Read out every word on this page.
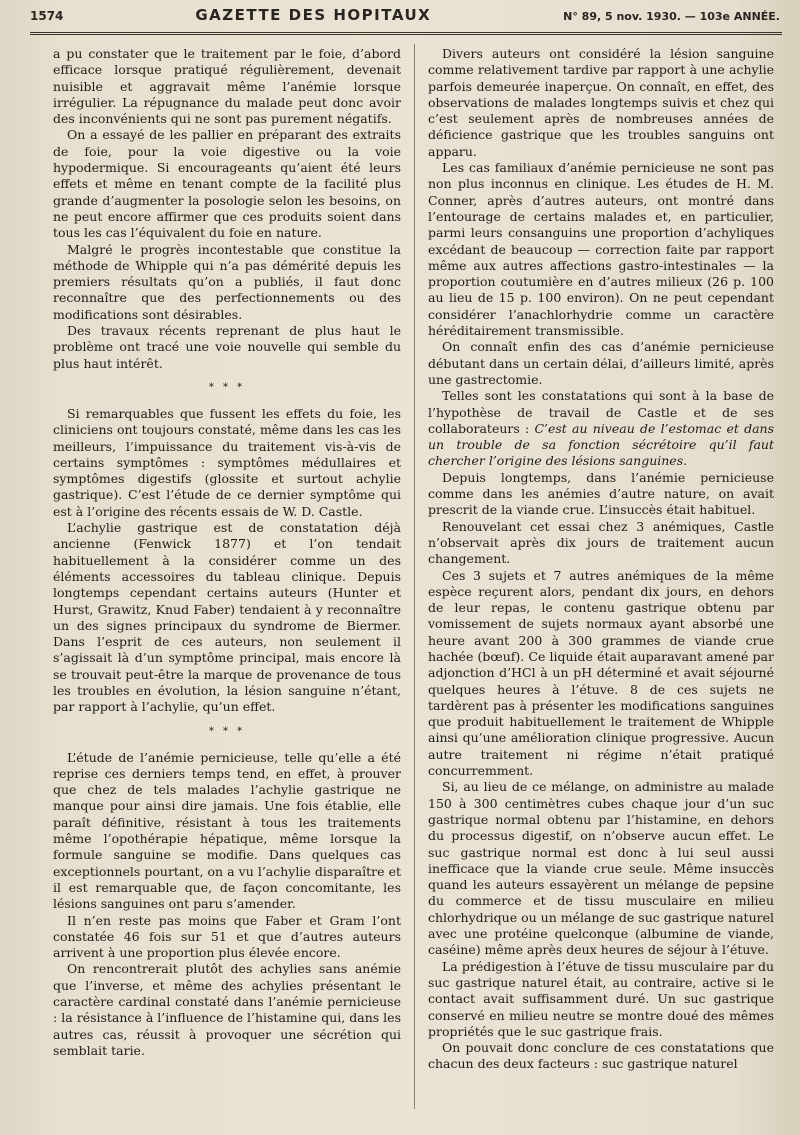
1574	GAZETTE DES HOPITAUX	N° 89, 5 nov. 1930. — 103e ANNÉE.

a pu constater que le traitement par le foie, d’abord efficace lorsque pratiqué régulièrement, devenait nuisible et aggravait même l’anémie lorsque irrégulier. La répugnance du malade peut donc avoir des inconvénients qui ne sont pas purement négatifs.

On a essayé de les pallier en préparant des extraits de foie, pour la voie digestive ou la voie hypodermique. Si encourageants qu’aient été leurs effets et même en tenant compte de la facilité plus grande d’augmenter la posologie selon les besoins, on ne peut encore affirmer que ces produits soient dans tous les cas l’équivalent du foie en nature.

Malgré le progrès incontestable que constitue la méthode de Whipple qui n’a pas démérité depuis les premiers résultats qu’on a publiés, il faut donc reconnaître que des perfectionnements ou des modifications sont désirables.

Des travaux récents reprenant de plus haut le problème ont tracé une voie nouvelle qui semble du plus haut intérêt.

* * *

Si remarquables que fussent les effets du foie, les cliniciens ont toujours constaté, même dans les cas les meilleurs, l’impuissance du traitement vis-à-vis de certains symptômes : symptômes médullaires et symptômes digestifs (glossite et surtout achylie gastrique). C’est l’étude de ce dernier symptôme qui est à l’origine des récents essais de W. D. Castle.

L’achylie gastrique est de constatation déjà ancienne (Fenwick 1877) et l’on tendait habituellement à la considérer comme un des éléments accessoires du tableau clinique. Depuis longtemps cependant certains auteurs (Hunter et Hurst, Grawitz, Knud Faber) tendaient à y reconnaître un des signes principaux du syndrome de Biermer. Dans l’esprit de ces auteurs, non seulement il s’agissait là d’un symptôme principal, mais encore là se trouvait peut-être la marque de provenance de tous les troubles en évolution, la lésion sanguine n’étant, par rapport à l’achylie, qu’un effet.

* * *

L’étude de l’anémie pernicieuse, telle qu’elle a été reprise ces derniers temps tend, en effet, à prouver que chez de tels malades l’achylie gastrique ne manque pour ainsi dire jamais. Une fois établie, elle paraît définitive, résistant à tous les traitements même l’opothérapie hépatique, même lorsque la formule sanguine se modifie. Dans quelques cas exceptionnels pourtant, on a vu l’achylie disparaître et il est remarquable que, de façon concomitante, les lésions sanguines ont paru s’amender.

Il n’en reste pas moins que Faber et Gram l’ont constatée 46 fois sur 51 et que d’autres auteurs arrivent à une proportion plus élevée encore.

On rencontrerait plutôt des achylies sans anémie que l’inverse, et même des achylies présentant le caractère cardinal constaté dans l’anémie pernicieuse : la résistance à l’influence de l’histamine qui, dans les autres cas, réussit à provoquer une sécrétion qui semblait tarie.

Divers auteurs ont considéré la lésion sanguine comme relativement tardive par rapport à une achylie parfois demeurée inaperçue. On connaît, en effet, des observations de malades longtemps suivis et chez qui c’est seulement après de nombreuses années de déficience gastrique que les troubles sanguins ont apparu.

Les cas familiaux d’anémie pernicieuse ne sont pas non plus inconnus en clinique. Les études de H. M. Conner, après d’autres auteurs, ont montré dans l’entourage de certains malades et, en particulier, parmi leurs consanguins une proportion d’achyliques excédant de beaucoup — correction faite par rapport même aux autres affections gastro-intestinales — la proportion coutumière en d’autres milieux (26 p. 100 au lieu de 15 p. 100 environ). On ne peut cependant considérer l’anachlorhydrie comme un caractère héréditairement transmissible.

On connaît enfin des cas d’anémie pernicieuse débutant dans un certain délai, d’ailleurs limité, après une gastrectomie.

Telles sont les constatations qui sont à la base de l’hypothèse de travail de Castle et de ses collaborateurs : C’est au niveau de l’estomac et dans un trouble de sa fonction sécrétoire qu’il faut chercher l’origine des lésions sanguines.

Depuis longtemps, dans l’anémie pernicieuse comme dans les anémies d’autre nature, on avait prescrit de la viande crue. L’insuccès était habituel.

Renouvelant cet essai chez 3 anémiques, Castle n’observait après dix jours de traitement aucun changement.

Ces 3 sujets et 7 autres anémiques de la même espèce reçurent alors, pendant dix jours, en dehors de leur repas, le contenu gastrique obtenu par vomissement de sujets normaux ayant absorbé une heure avant 200 à 300 grammes de viande crue hachée (bœuf). Ce liquide était auparavant amené par adjonction d’HCl à un pH déterminé et avait séjourné quelques heures à l’étuve. 8 de ces sujets ne tardèrent pas à présenter les modifications sanguines que produit habituellement le traitement de Whipple ainsi qu’une amélioration clinique progressive. Aucun autre traitement ni régime n’était pratiqué concurremment.

Si, au lieu de ce mélange, on administre au malade 150 à 300 centimètres cubes chaque jour d’un suc gastrique normal obtenu par l’histamine, en dehors du processus digestif, on n’observe aucun effet. Le suc gastrique normal est donc à lui seul aussi inefficace que la viande crue seule. Même insuccès quand les auteurs essayèrent un mélange de pepsine du commerce et de tissu musculaire en milieu chlorhydrique ou un mélange de suc gastrique naturel avec une protéine quelconque (albumine de viande, caséine) même après deux heures de séjour à l’étuve.

La prédigestion à l’étuve de tissu musculaire par du suc gastrique naturel était, au contraire, active si le contact avait suffisamment duré. Un suc gastrique conservé en milieu neutre se montre doué des mêmes propriétés que le suc gastrique frais.

On pouvait donc conclure de ces constatations que chacun des deux facteurs : suc gastrique naturel
